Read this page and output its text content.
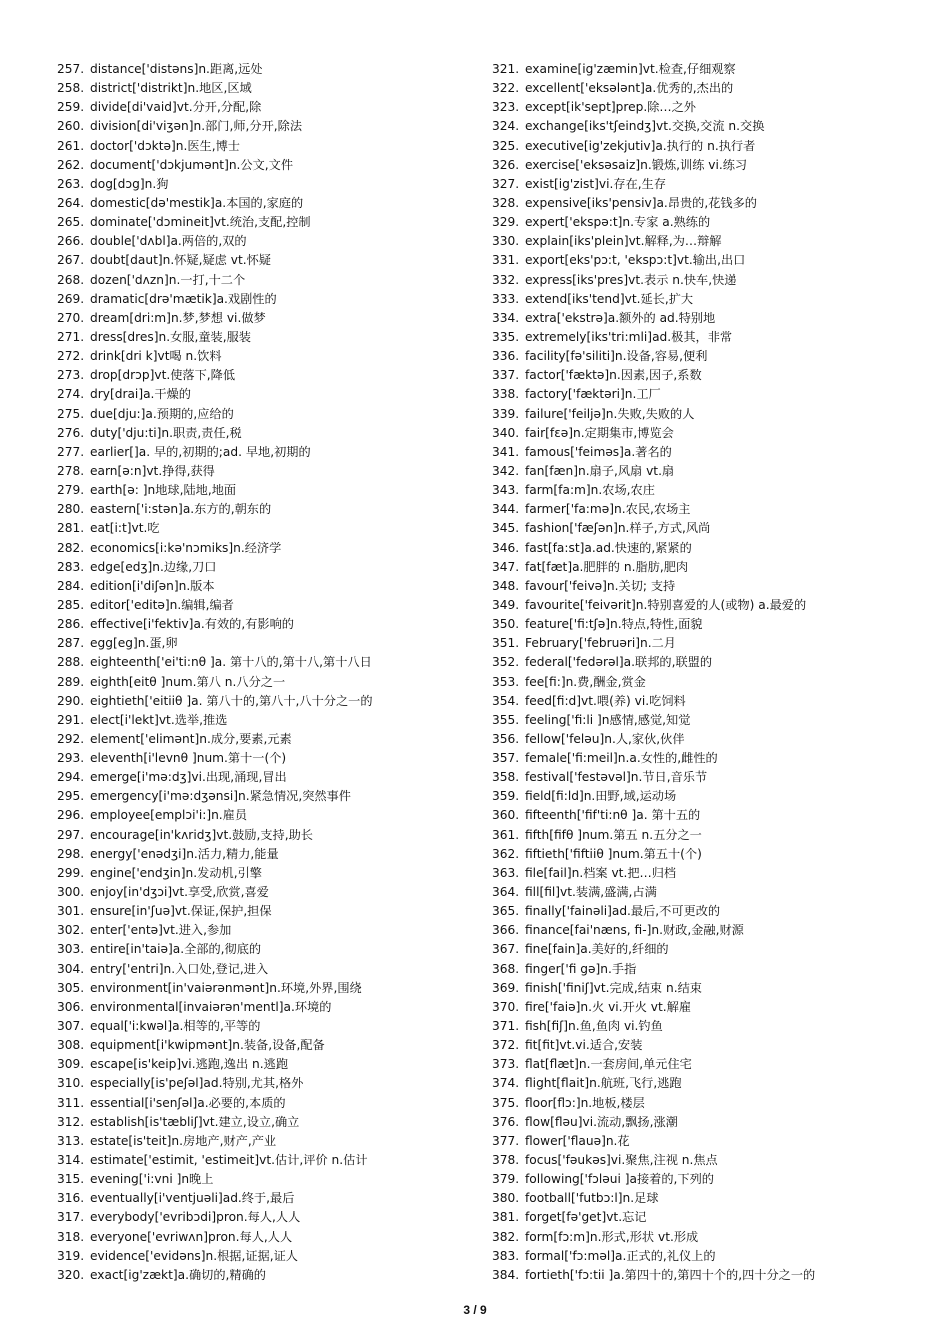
257. distance['distəns]n.距离,远处
258. district['distrikt]n.地区,区域
259. divide[di'vaid]vt.分开,分配,除
260. division[di'viʒən]n.部门,师,分开,除法
261. doctor['dɔktə]n.医生,博士
262. document['dɔkjumənt]n.公文,文件
263. dog[dɔg]n.狗
264. domestic[də'mestik]a.本国的,家庭的
265. dominate['dɔmineit]vt.统治,支配,控制
266. double['dʌbl]a.两倍的,双的
267. doubt[daut]n.怀疑,疑虑 vt.怀疑
268. dozen['dʌzn]n.一打,十二个
269. dramatic[drə'mætik]a.戏剧性的
270. dream[dri:m]n.梦,梦想 vi.做梦
271. dress[dres]n.女服,童装,服装
272. drink[dri k]vt喝 n.饮料
273. drop[drɔp]vt.使落下,降低
274. dry[drai]a.干燥的
275. due[dju:]a.预期的,应给的
276. duty['dju:ti]n.职责,责任,税
277. earlier[]a. 早的,初期的;ad. 早地,初期的
278. earn[ə:n]vt.挣得,获得
279. earth[ə: ]n地球,陆地,地面
280. eastern['i:stən]a.东方的,朝东的
281. eat[i:t]vt.吃
282. economics[i:kə'nɔmiks]n.经济学
283. edge[edʒ]n.边缘,刀口
284. edition[i'diʃən]n.版本
285. editor['editə]n.编辑,编者
286. effective[i'fektiv]a.有效的,有影响的
287. egg[eg]n.蛋,卵
288. eighteenth['ei'ti:nθ ]a. 第十八的,第十八,第十八日
289. eighth[eitθ ]num.第八 n.八分之一
290. eightieth['eitiiθ ]a. 第八十的,第八十,八十分之一的
291. elect[i'lekt]vt.选举,推选
292. element['elimənt]n.成分,要素,元素
293. eleventh[i'levnθ ]num.第十一(个)
294. emerge[i'mə:dʒ]vi.出现,涌现,冒出
295. emergency[i'mə:dʒənsi]n.紧急情况,突然事件
296. employee[emplɔi'i:]n.雇员
297. encourage[in'kʌridʒ]vt.鼓励,支持,助长
298. energy['enədʒi]n.活力,精力,能量
299. engine['endʒin]n.发动机,引擎
300. enjoy[in'dʒɔi]vt.享受,欣赏,喜爱
301. ensure[in'ʃuə]vt.保证,保护,担保
302. enter['entə]vt.进入,参加
303. entire[in'taiə]a.全部的,彻底的
304. entry['entri]n.入口处,登记,进入
305. environment[in'vaiərənmənt]n.环境,外界,围绕
306. environmental[invaiərən'mentl]a.环境的
307. equal['i:kwəl]a.相等的,平等的
308. equipment[i'kwipmənt]n.装备,设备,配备
309. escape[is'keip]vi.逃跑,逸出 n.逃跑
310. especially[is'peʃəl]ad.特别,尤其,格外
311. essential[i'senʃəl]a.必要的,本质的
312. establish[is'tæbliʃ]vt.建立,设立,确立
313. estate[is'teit]n.房地产,财产,产业
314. estimate['estimit, 'estimeit]vt.估计,评价 n.估计
315. evening['i:vni ]n晚上
316. eventually[i'ventjuəli]ad.终于,最后
317. everybody['evribɔdi]pron.每人,人人
318. everyone['evriwʌn]pron.每人,人人
319. evidence['evidəns]n.根据,证据,证人
320. exact[ig'zækt]a.确切的,精确的
321. examine[ig'zæmin]vt.检查,仔细观察
322. excellent['eksələnt]a.优秀的,杰出的
323. except[ik'sept]prep.除…之外
324. exchange[iks'tʃeindʒ]vt.交换,交流 n.交换
325. executive[ig'zekjutiv]a.执行的 n.执行者
326. exercise['eksəsaiz]n.锻炼,训练 vi.练习
327. exist[ig'zist]vi.存在,生存
328. expensive[iks'pensiv]a.昂贵的,花钱多的
329. expert['ekspə:t]n.专家 a.熟练的
330. explain[iks'plein]vt.解释,为…辩解
331. export[eks'pɔ:t, 'ekspɔ:t]vt.输出,出口
332. express[iks'pres]vt.表示 n.快车,快递
333. extend[iks'tend]vt.延长,扩大
334. extra['ekstrə]a.额外的 ad.特别地
335. extremely[iks'tri:mli]ad.极其，非常
336. facility[fə'siliti]n.设备,容易,便利
337. factor['fæktə]n.因素,因子,系数
338. factory['fæktəri]n.工厂
339. failure['feiljə]n.失败,失败的人
340. fair[fεə]n.定期集市,博览会
341. famous['feiməs]a.著名的
342. fan[fæn]n.扇子,风扇 vt.扇
343. farm[fa:m]n.农场,农庄
344. farmer['fa:mə]n.农民,农场主
345. fashion['fæʃən]n.样子,方式,风尚
346. fast[fa:st]a.ad.快速的,紧紧的
347. fat[fæt]a.肥胖的 n.脂肪,肥肉
348. favour['feivə]n.关切; 支持
349. favourite['feivərit]n.特别喜爱的人(或物) a.最爱的
350. feature['fi:tʃə]n.特点,特性,面貌
351. February['februəri]n.二月
352. federal['fedərəl]a.联邦的,联盟的
353. fee[fi:]n.费,酬金,赏金
354. feed[fi:d]vt.喂(养) vi.吃饲料
355. feeling['fi:li ]n感情,感觉,知觉
356. fellow['feləu]n.人,家伙,伙伴
357. female['fi:meil]n.a.女性的,雌性的
358. festival['festəvəl]n.节日,音乐节
359. field[fi:ld]n.田野,域,运动场
360. fifteenth['fif'ti:nθ ]a. 第十五的
361. fifth[fifθ ]num.第五 n.五分之一
362. fiftieth['fiftiiθ ]num.第五十(个)
363. file[fail]n.档案 vt.把…归档
364. fill[fil]vt.装满,盛满,占满
365. finally['fainəli]ad.最后,不可更改的
366. finance[fai'næns, fi-]n.财政,金融,财源
367. fine[fain]a.美好的,纤细的
368. finger['fi gə]n.手指
369. finish['finiʃ]vt.完成,结束 n.结束
370. fire['faiə]n.火 vi.开火 vt.解雇
371. fish[fiʃ]n.鱼,鱼肉 vi.钓鱼
372. fit[fit]vt.vi.适合,安装
373. flat[flæt]n.一套房间,单元住宅
374. flight[flait]n.航班,飞行,逃跑
375. floor[flɔ:]n.地板,楼层
376. flow[fləu]vi.流动,飘扬,涨潮
377. flower['flauə]n.花
378. focus['fəukəs]vi.聚焦,注视 n.焦点
379. following['fɔləui ]a接着的,下列的
380. football['futbɔ:l]n.足球
381. forget[fə'get]vt.忘记
382. form[fɔ:m]n.形式,形状 vt.形成
383. formal['fɔ:məl]a.正式的,礼仪上的
384. fortieth['fɔ:tii ]a.第四十的,第四十个的,四十分之一的
3 / 9
